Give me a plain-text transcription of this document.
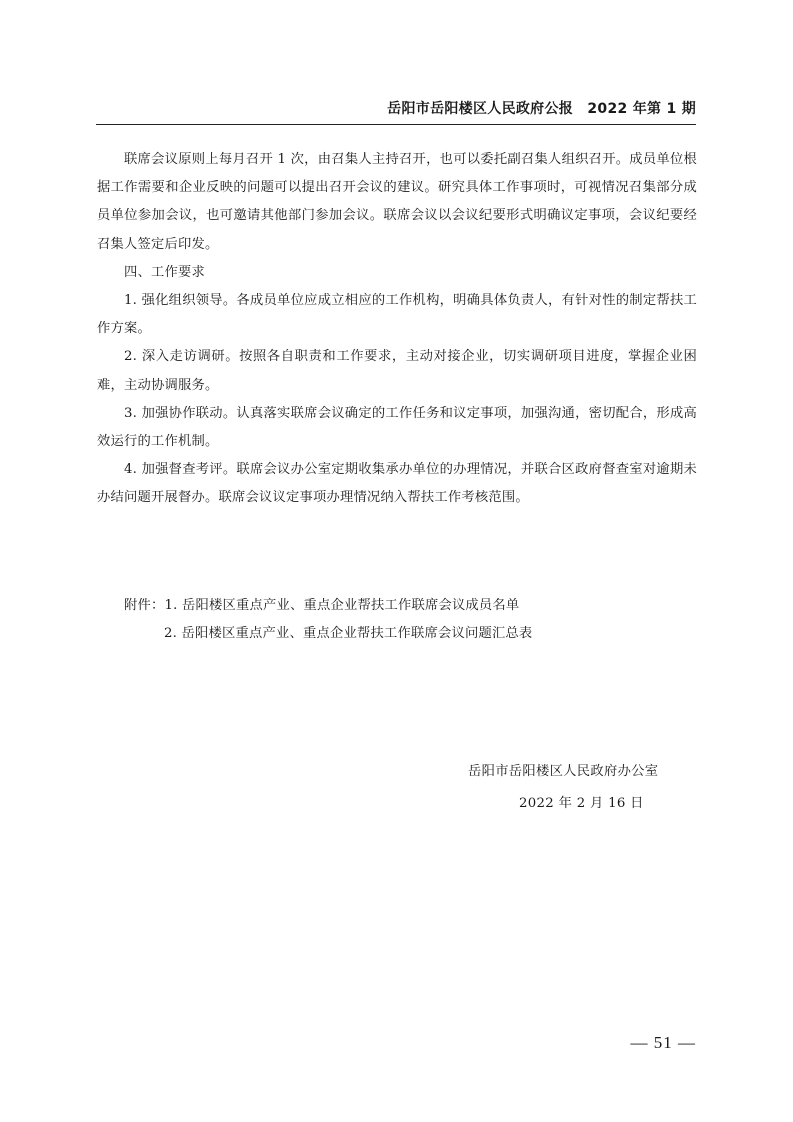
岳阳市岳阳楼区人民政府公报　2022 年第 1 期

联席会议原则上每月召开 1 次，由召集人主持召开，也可以委托副召集人组织召开。成员单位根据工作需要和企业反映的问题可以提出召开会议的建议。研究具体工作事项时，可视情况召集部分成员单位参加会议，也可邀请其他部门参加会议。联席会议以会议纪要形式明确议定事项，会议纪要经召集人签定后印发。

四、工作要求

1. 强化组织领导。各成员单位应成立相应的工作机构，明确具体负责人，有针对性的制定帮扶工作方案。

2. 深入走访调研。按照各自职责和工作要求，主动对接企业，切实调研项目进度，掌握企业困难，主动协调服务。

3. 加强协作联动。认真落实联席会议确定的工作任务和议定事项，加强沟通，密切配合，形成高效运行的工作机制。

4. 加强督查考评。联席会议办公室定期收集承办单位的办理情况，并联合区政府督查室对逾期未办结问题开展督办。联席会议议定事项办理情况纳入帮扶工作考核范围。

附件：1. 岳阳楼区重点产业、重点企业帮扶工作联席会议成员名单
2. 岳阳楼区重点产业、重点企业帮扶工作联席会议问题汇总表
岳阳市岳阳楼区人民政府办公室
2022 年 2 月 16 日
— 51 —
